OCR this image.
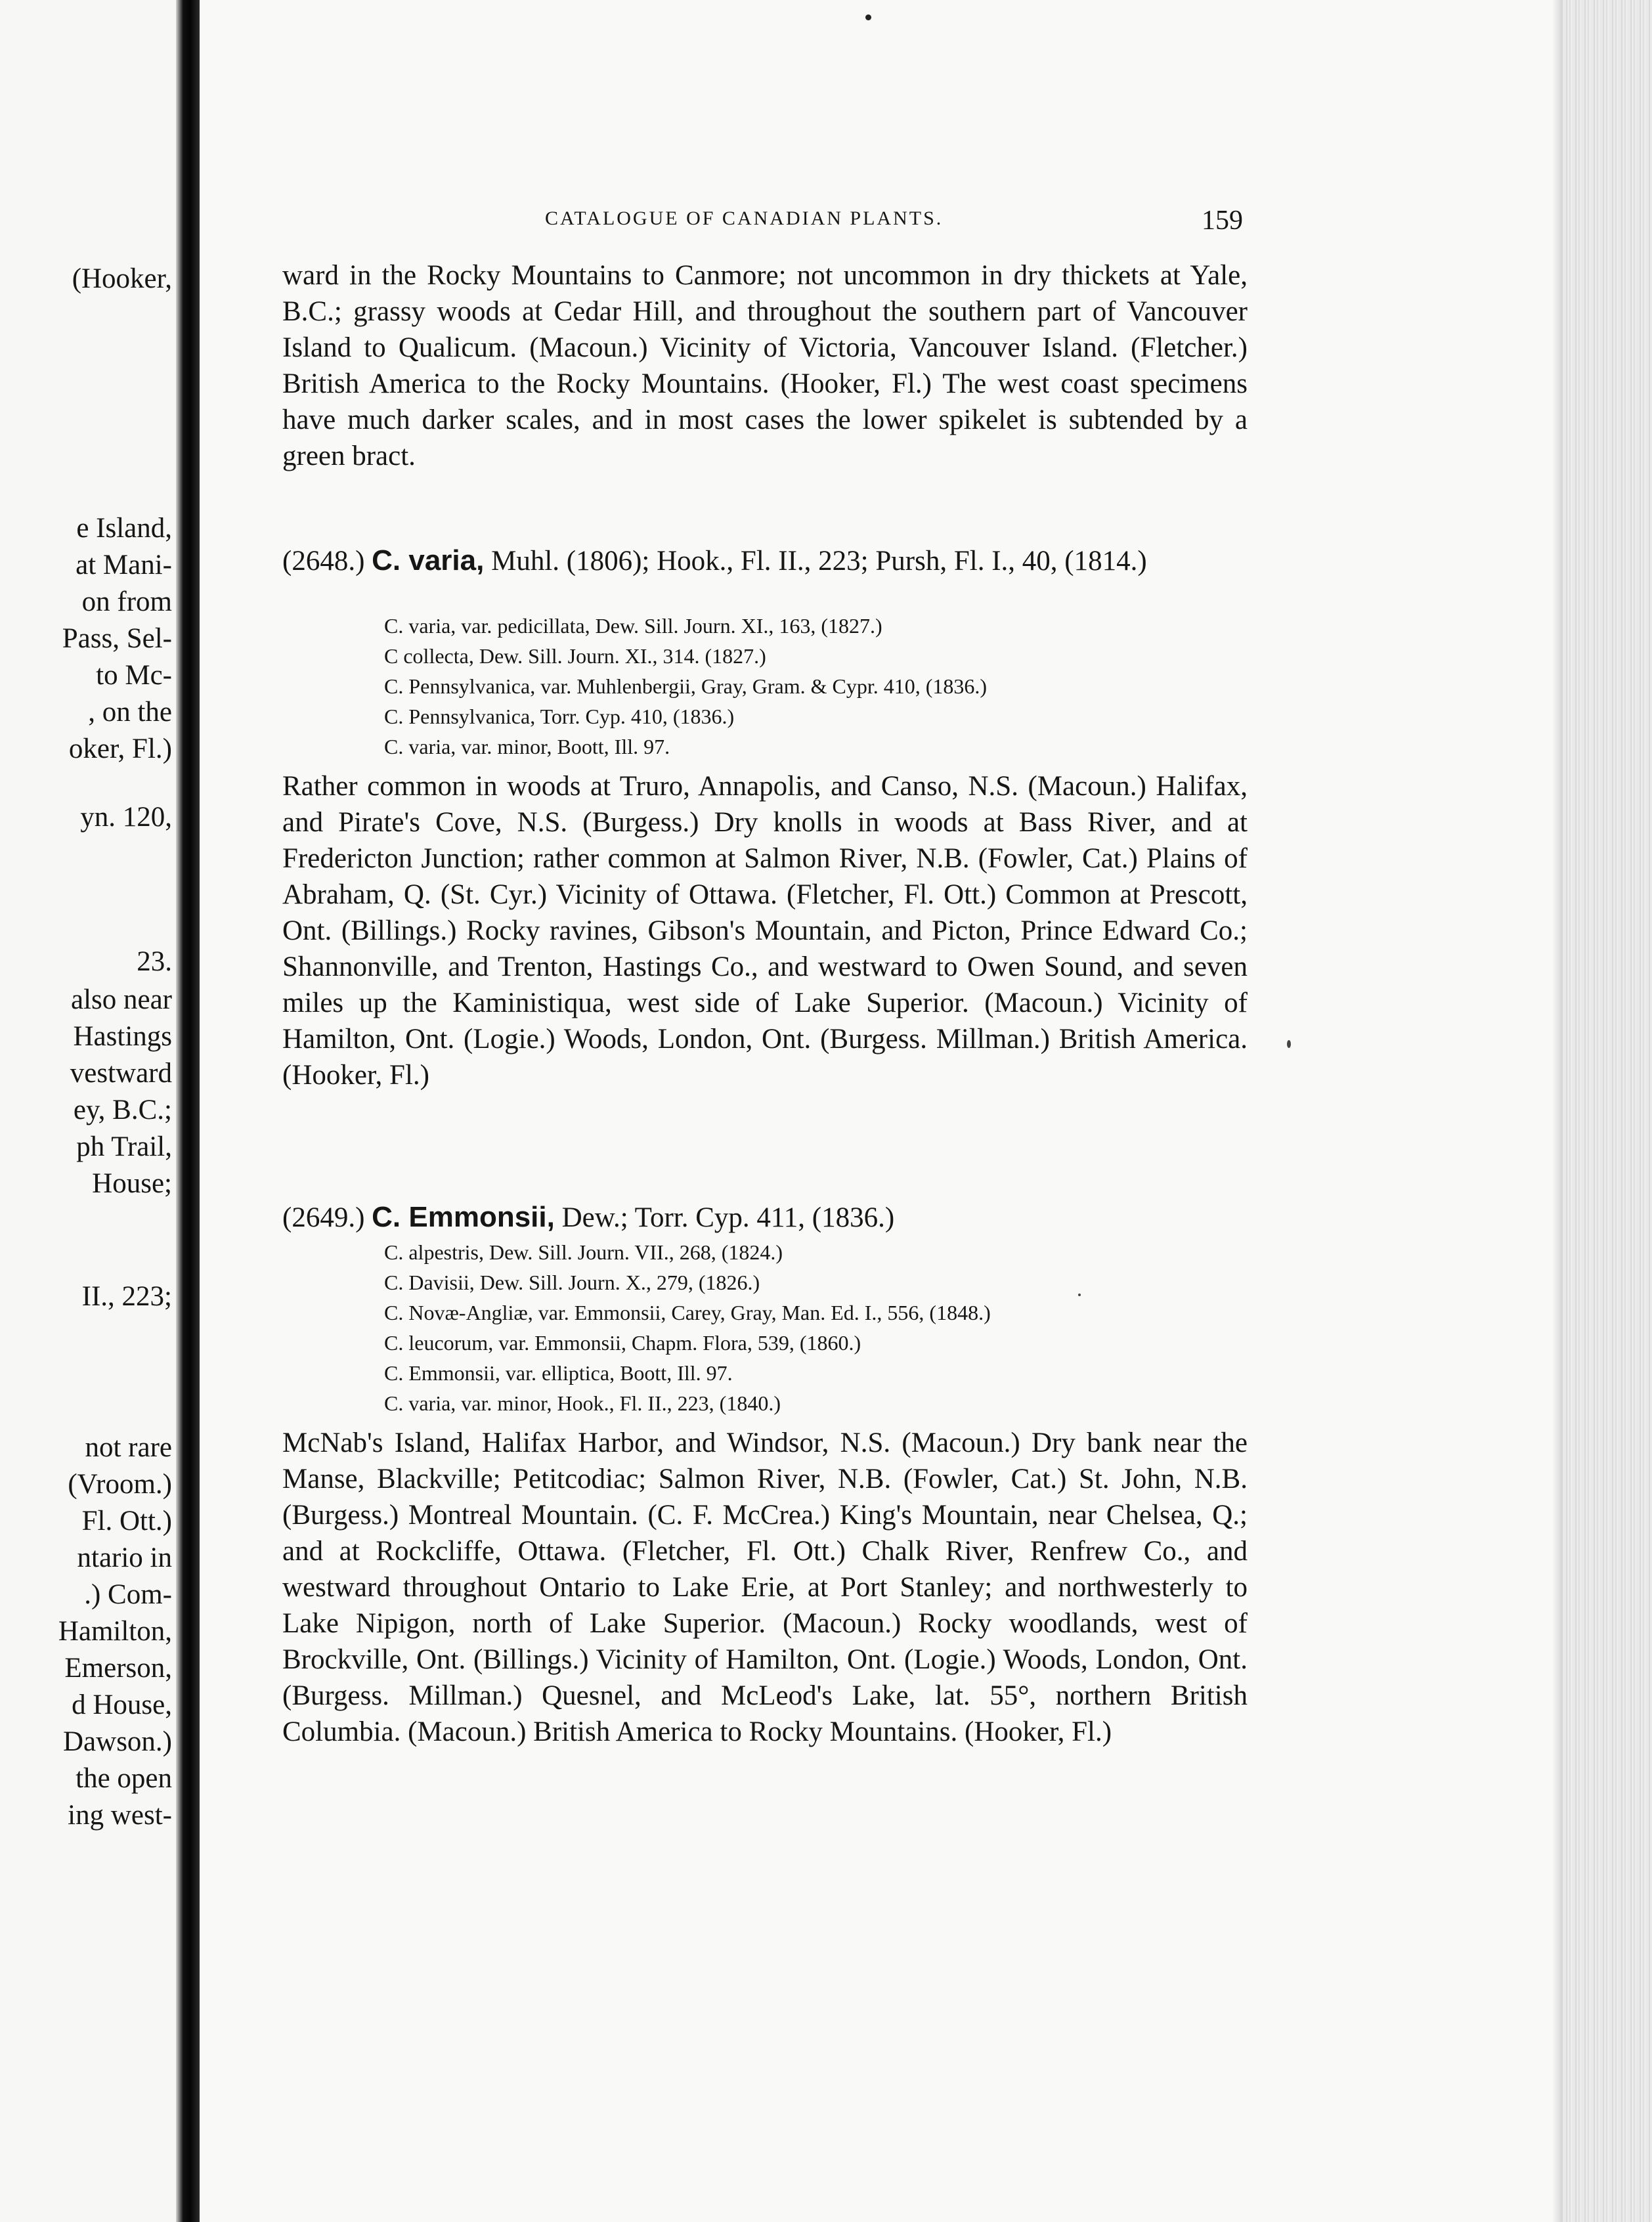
(Hooker,
e Island,
at Mani-
on from
Pass, Sel-
to Mc-
, on the
oker, Fl.)
yn. 120,
23.
also near
Hastings
vestward
ey, B.C.;
ph Trail,
House;
II., 223;
not rare
(Vroom.)
Fl. Ott.)
ntario in
.) Com-
Hamilton,
Emerson,
d House,
Dawson.)
the open
ing west-
CATALOGUE OF CANADIAN PLANTS.	159
ward in the Rocky Mountains to Canmore; not uncommon in dry thickets at Yale, B.C.; grassy woods at Cedar Hill, and throughout the southern part of Vancouver Island to Qualicum. (Macoun.) Vicinity of Victoria, Vancouver Island. (Fletcher.) British America to the Rocky Mountains. (Hooker, Fl.) The west coast specimens have much darker scales, and in most cases the lower spikelet is subtended by a green bract.
(2648.) C. varia, Muhl. (1806); Hook., Fl. II., 223; Pursh, Fl. I., 40, (1814.)
C. varia, var. pedicillata, Dew. Sill. Journ. XI., 163, (1827.)
C collecta, Dew. Sill. Journ. XI., 314. (1827.)
C. Pennsylvanica, var. Muhlenbergii, Gray, Gram. & Cypr. 410, (1836.)
C. Pennsylvanica, Torr. Cyp. 410, (1836.)
C. varia, var. minor, Boott, Ill. 97.
Rather common in woods at Truro, Annapolis, and Canso, N.S. (Macoun.) Halifax, and Pirate's Cove, N.S. (Burgess.) Dry knolls in woods at Bass River, and at Fredericton Junction; rather common at Salmon River, N.B. (Fowler, Cat.) Plains of Abraham, Q. (St. Cyr.) Vicinity of Ottawa. (Fletcher, Fl. Ott.) Common at Prescott, Ont. (Billings.) Rocky ravines, Gibson's Mountain, and Picton, Prince Edward Co.; Shannonville, and Trenton, Hastings Co., and westward to Owen Sound, and seven miles up the Kaministiqua, west side of Lake Superior. (Macoun.) Vicinity of Hamilton, Ont. (Logie.) Woods, London, Ont. (Burgess. Millman.) British America. (Hooker, Fl.)
(2649.) C. Emmonsii, Dew.; Torr. Cyp. 411, (1836.)
C. alpestris, Dew. Sill. Journ. VII., 268, (1824.)
C. Davisii, Dew. Sill. Journ. X., 279, (1826.)
C. Novæ-Angliæ, var. Emmonsii, Carey, Gray, Man. Ed. I., 556, (1848.)
C. leucorum, var. Emmonsii, Chapm. Flora, 539, (1860.)
C. Emmonsii, var. elliptica, Boott, Ill. 97.
C. varia, var. minor, Hook., Fl. II., 223, (1840.)
McNab's Island, Halifax Harbor, and Windsor, N.S. (Macoun.) Dry bank near the Manse, Blackville; Petitcodiac; Salmon River, N.B. (Fowler, Cat.) St. John, N.B. (Burgess.) Montreal Mountain. (C. F. McCrea.) King's Mountain, near Chelsea, Q.; and at Rockcliffe, Ottawa. (Fletcher, Fl. Ott.) Chalk River, Renfrew Co., and westward throughout Ontario to Lake Erie, at Port Stanley; and northwesterly to Lake Nipigon, north of Lake Superior. (Macoun.) Rocky woodlands, west of Brockville, Ont. (Billings.) Vicinity of Hamilton, Ont. (Logie.) Woods, London, Ont. (Burgess. Millman.) Quesnel, and McLeod's Lake, lat. 55°, northern British Columbia. (Macoun.) British America to Rocky Mountains. (Hooker, Fl.)
